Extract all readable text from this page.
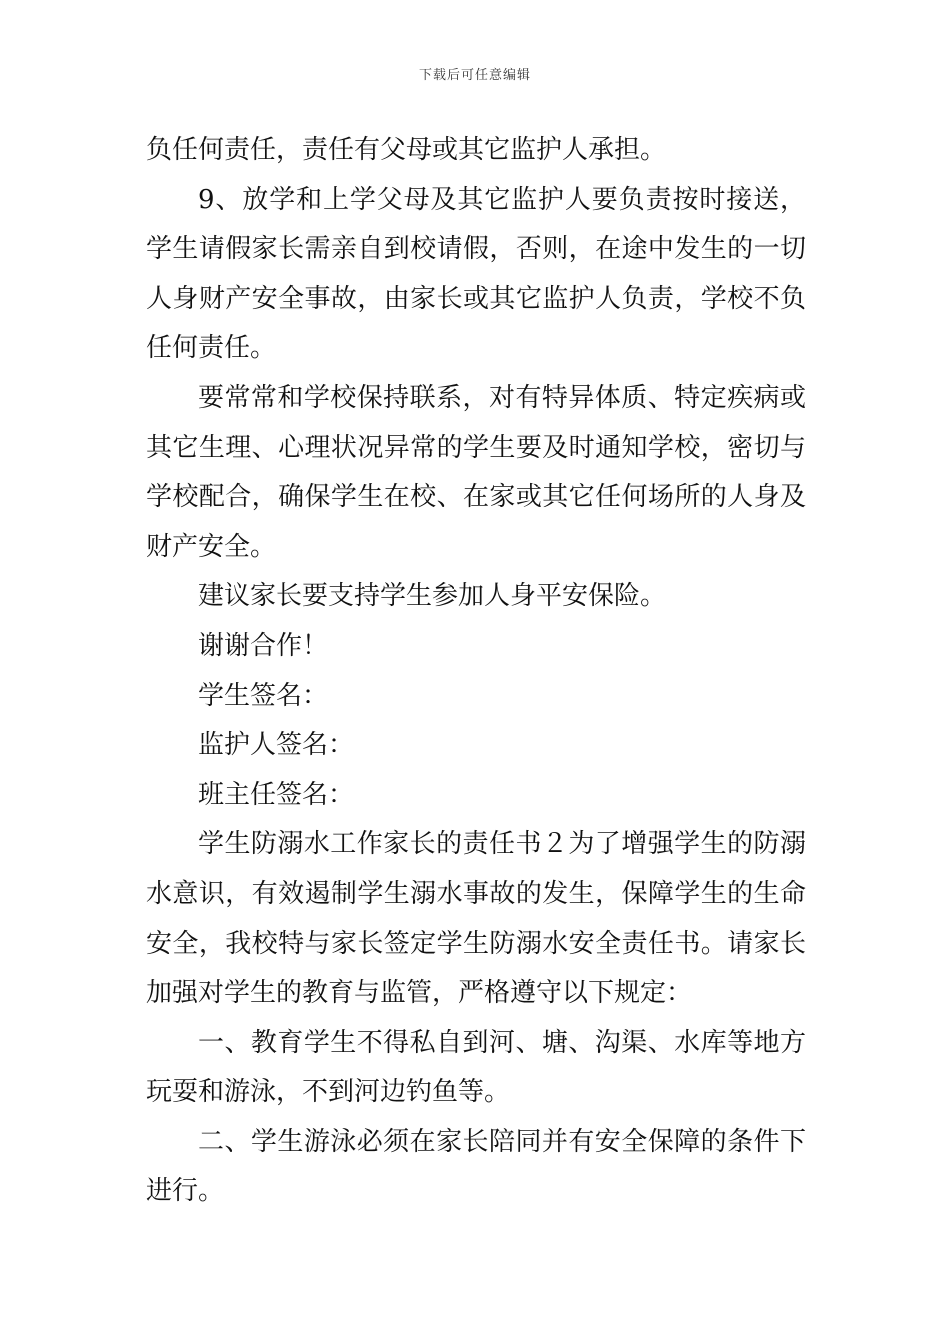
下载后可任意编辑

负任何责任，责任有父母或其它监护人承担。

9、放学和上学父母及其它监护人要负责按时接送，学生请假家长需亲自到校请假，否则，在途中发生的一切人身财产安全事故，由家长或其它监护人负责，学校不负任何责任。

要常常和学校保持联系，对有特异体质、特定疾病或其它生理、心理状况异常的学生要及时通知学校，密切与学校配合，确保学生在校、在家或其它任何场所的人身及财产安全。

建议家长要支持学生参加人身平安保险。

谢谢合作！

学生签名：

监护人签名：

班主任签名：

学生防溺水工作家长的责任书２为了增强学生的防溺水意识，有效遏制学生溺水事故的发生，保障学生的生命安全，我校特与家长签定学生防溺水安全责任书。请家长加强对学生的教育与监管，严格遵守以下规定：

一、教育学生不得私自到河、塘、沟渠、水库等地方玩耍和游泳，不到河边钓鱼等。

二、学生游泳必须在家长陪同并有安全保障的条件下进行。
